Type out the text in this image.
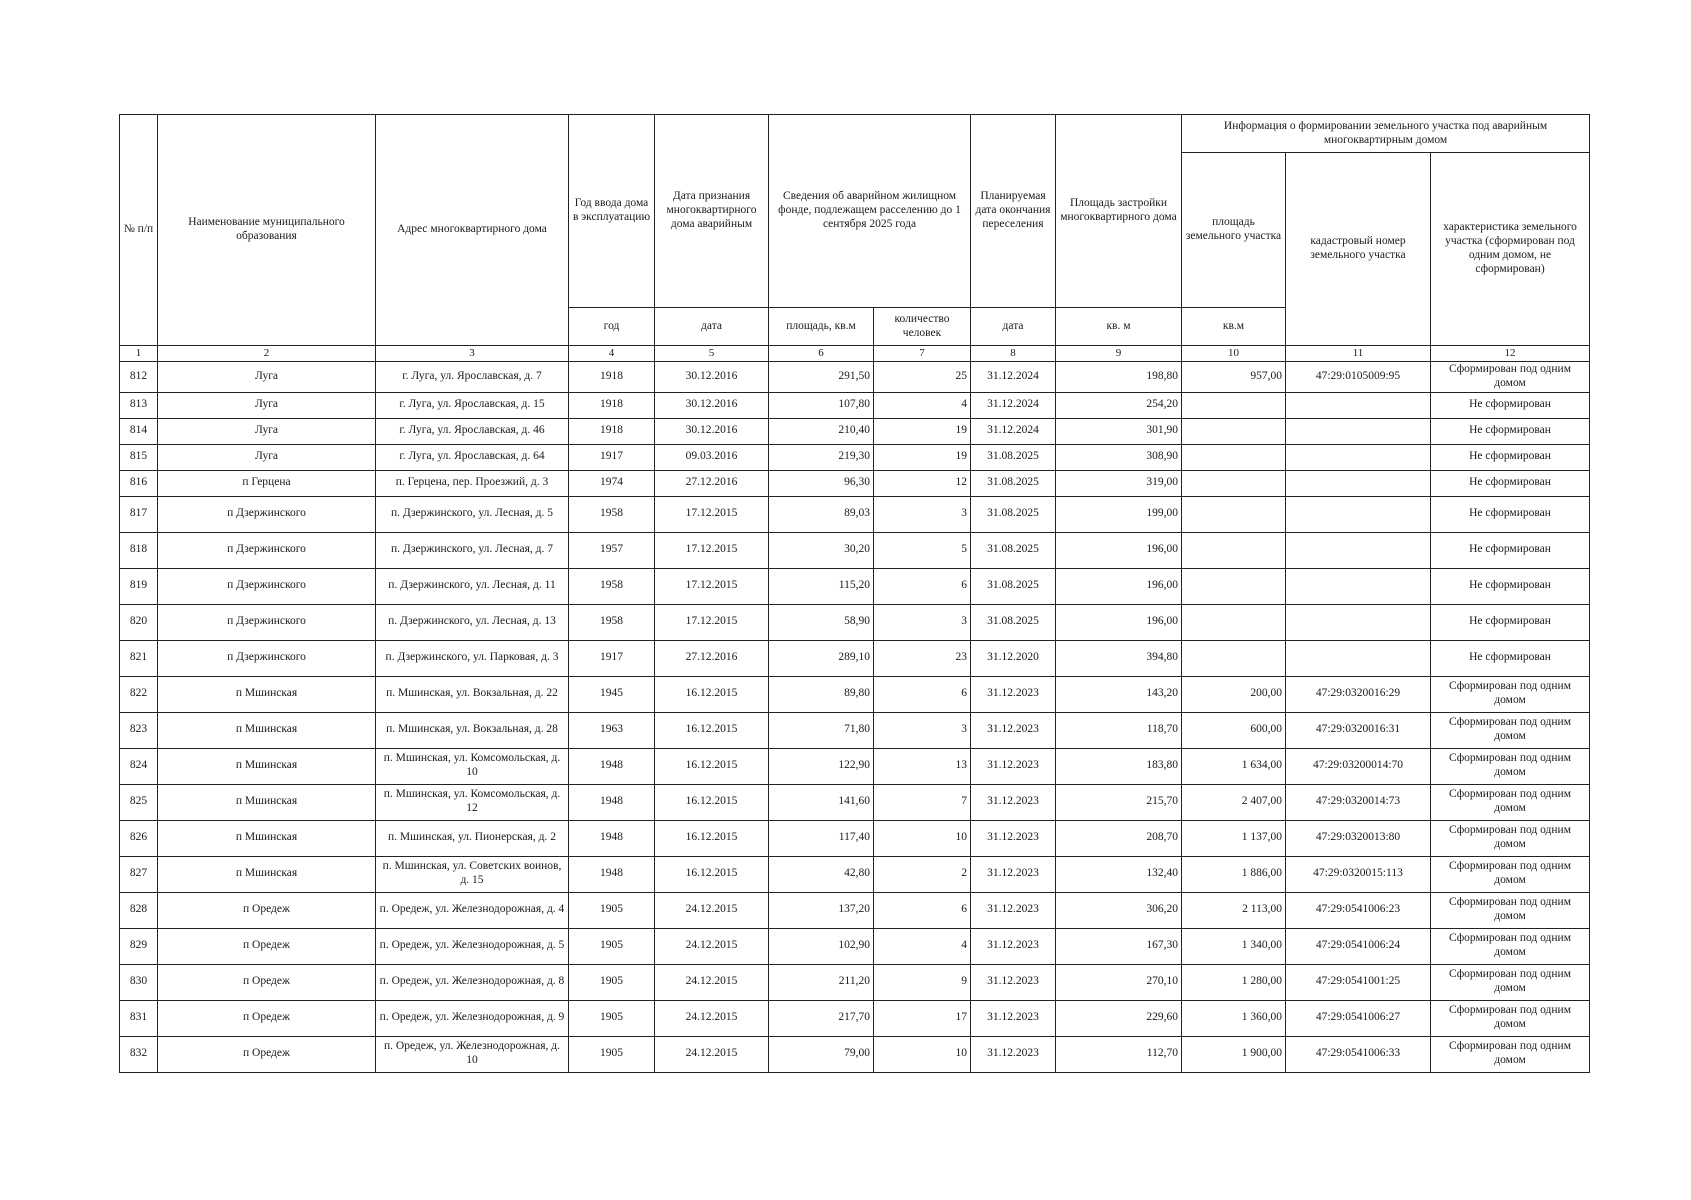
№ п/п	Наименование муниципального образования	Адрес многоквартирного дома	Год ввода дома в эксплуатацию	Дата признания многоквартирного дома аварийным	Сведения об аварийном жилищном фонде, подлежащем расселению до 1 сентября 2025 года		Планируемая дата окончания переселения	Площадь застройки многоквартирного дома	Информация о формировании земельного участка под аварийным многоквартирным домом		
									площадь земельного участка	кадастровый номер земельного участка	характеристика земельного участка (сформирован под одним домом, не сформирован)
			год	дата	площадь, кв.м	количество человек	дата	кв. м	кв.м		
1	2	3	4	5	6	7	8	9	10	11	12
812	Луга	г. Луга, ул. Ярославская, д. 7	1918	30.12.2016	291,50	25	31.12.2024	198,80	957,00	47:29:0105009:95	Сформирован под одним домом
813	Луга	г. Луга, ул. Ярославская, д. 15	1918	30.12.2016	107,80	4	31.12.2024	254,20			Не сформирован
814	Луга	г. Луга, ул. Ярославская, д. 46	1918	30.12.2016	210,40	19	31.12.2024	301,90			Не сформирован
815	Луга	г. Луга, ул. Ярославская, д. 64	1917	09.03.2016	219,30	19	31.08.2025	308,90			Не сформирован
816	п Герцена	п. Герцена, пер. Проезжий, д. 3	1974	27.12.2016	96,30	12	31.08.2025	319,00			Не сформирован
817	п Дзержинского	п. Дзержинского, ул. Лесная, д. 5	1958	17.12.2015	89,03	3	31.08.2025	199,00			Не сформирован
818	п Дзержинского	п. Дзержинского, ул. Лесная, д. 7	1957	17.12.2015	30,20	5	31.08.2025	196,00			Не сформирован
819	п Дзержинского	п. Дзержинского, ул. Лесная, д. 11	1958	17.12.2015	115,20	6	31.08.2025	196,00			Не сформирован
820	п Дзержинского	п. Дзержинского, ул. Лесная, д. 13	1958	17.12.2015	58,90	3	31.08.2025	196,00			Не сформирован
821	п Дзержинского	п. Дзержинского, ул. Парковая, д. 3	1917	27.12.2016	289,10	23	31.12.2020	394,80			Не сформирован
822	п Мшинская	п. Мшинская, ул. Вокзальная, д. 22	1945	16.12.2015	89,80	6	31.12.2023	143,20	200,00	47:29:0320016:29	Сформирован под одним домом
823	п Мшинская	п. Мшинская, ул. Вокзальная, д. 28	1963	16.12.2015	71,80	3	31.12.2023	118,70	600,00	47:29:0320016:31	Сформирован под одним домом
824	п Мшинская	п. Мшинская, ул. Комсомольская, д. 10	1948	16.12.2015	122,90	13	31.12.2023	183,80	1 634,00	47:29:03200014:70	Сформирован под одним домом
825	п Мшинская	п. Мшинская, ул. Комсомольская, д. 12	1948	16.12.2015	141,60	7	31.12.2023	215,70	2 407,00	47:29:0320014:73	Сформирован под одним домом
826	п Мшинская	п. Мшинская, ул. Пионерская, д. 2	1948	16.12.2015	117,40	10	31.12.2023	208,70	1 137,00	47:29:0320013:80	Сформирован под одним домом
827	п Мшинская	п. Мшинская, ул. Советских воинов, д. 15	1948	16.12.2015	42,80	2	31.12.2023	132,40	1 886,00	47:29:0320015:113	Сформирован под одним домом
828	п Оредеж	п. Оредеж, ул. Железнодорожная, д. 4	1905	24.12.2015	137,20	6	31.12.2023	306,20	2 113,00	47:29:0541006:23	Сформирован под одним домом
829	п Оредеж	п. Оредеж, ул. Железнодорожная, д. 5	1905	24.12.2015	102,90	4	31.12.2023	167,30	1 340,00	47:29:0541006:24	Сформирован под одним домом
830	п Оредеж	п. Оредеж, ул. Железнодорожная, д. 8	1905	24.12.2015	211,20	9	31.12.2023	270,10	1 280,00	47:29:0541001:25	Сформирован под одним домом
831	п Оредеж	п. Оредеж, ул. Железнодорожная, д. 9	1905	24.12.2015	217,70	17	31.12.2023	229,60	1 360,00	47:29:0541006:27	Сформирован под одним домом
832	п Оредеж	п. Оредеж, ул. Железнодорожная, д. 10	1905	24.12.2015	79,00	10	31.12.2023	112,70	1 900,00	47:29:0541006:33	Сформирован под одним домом
